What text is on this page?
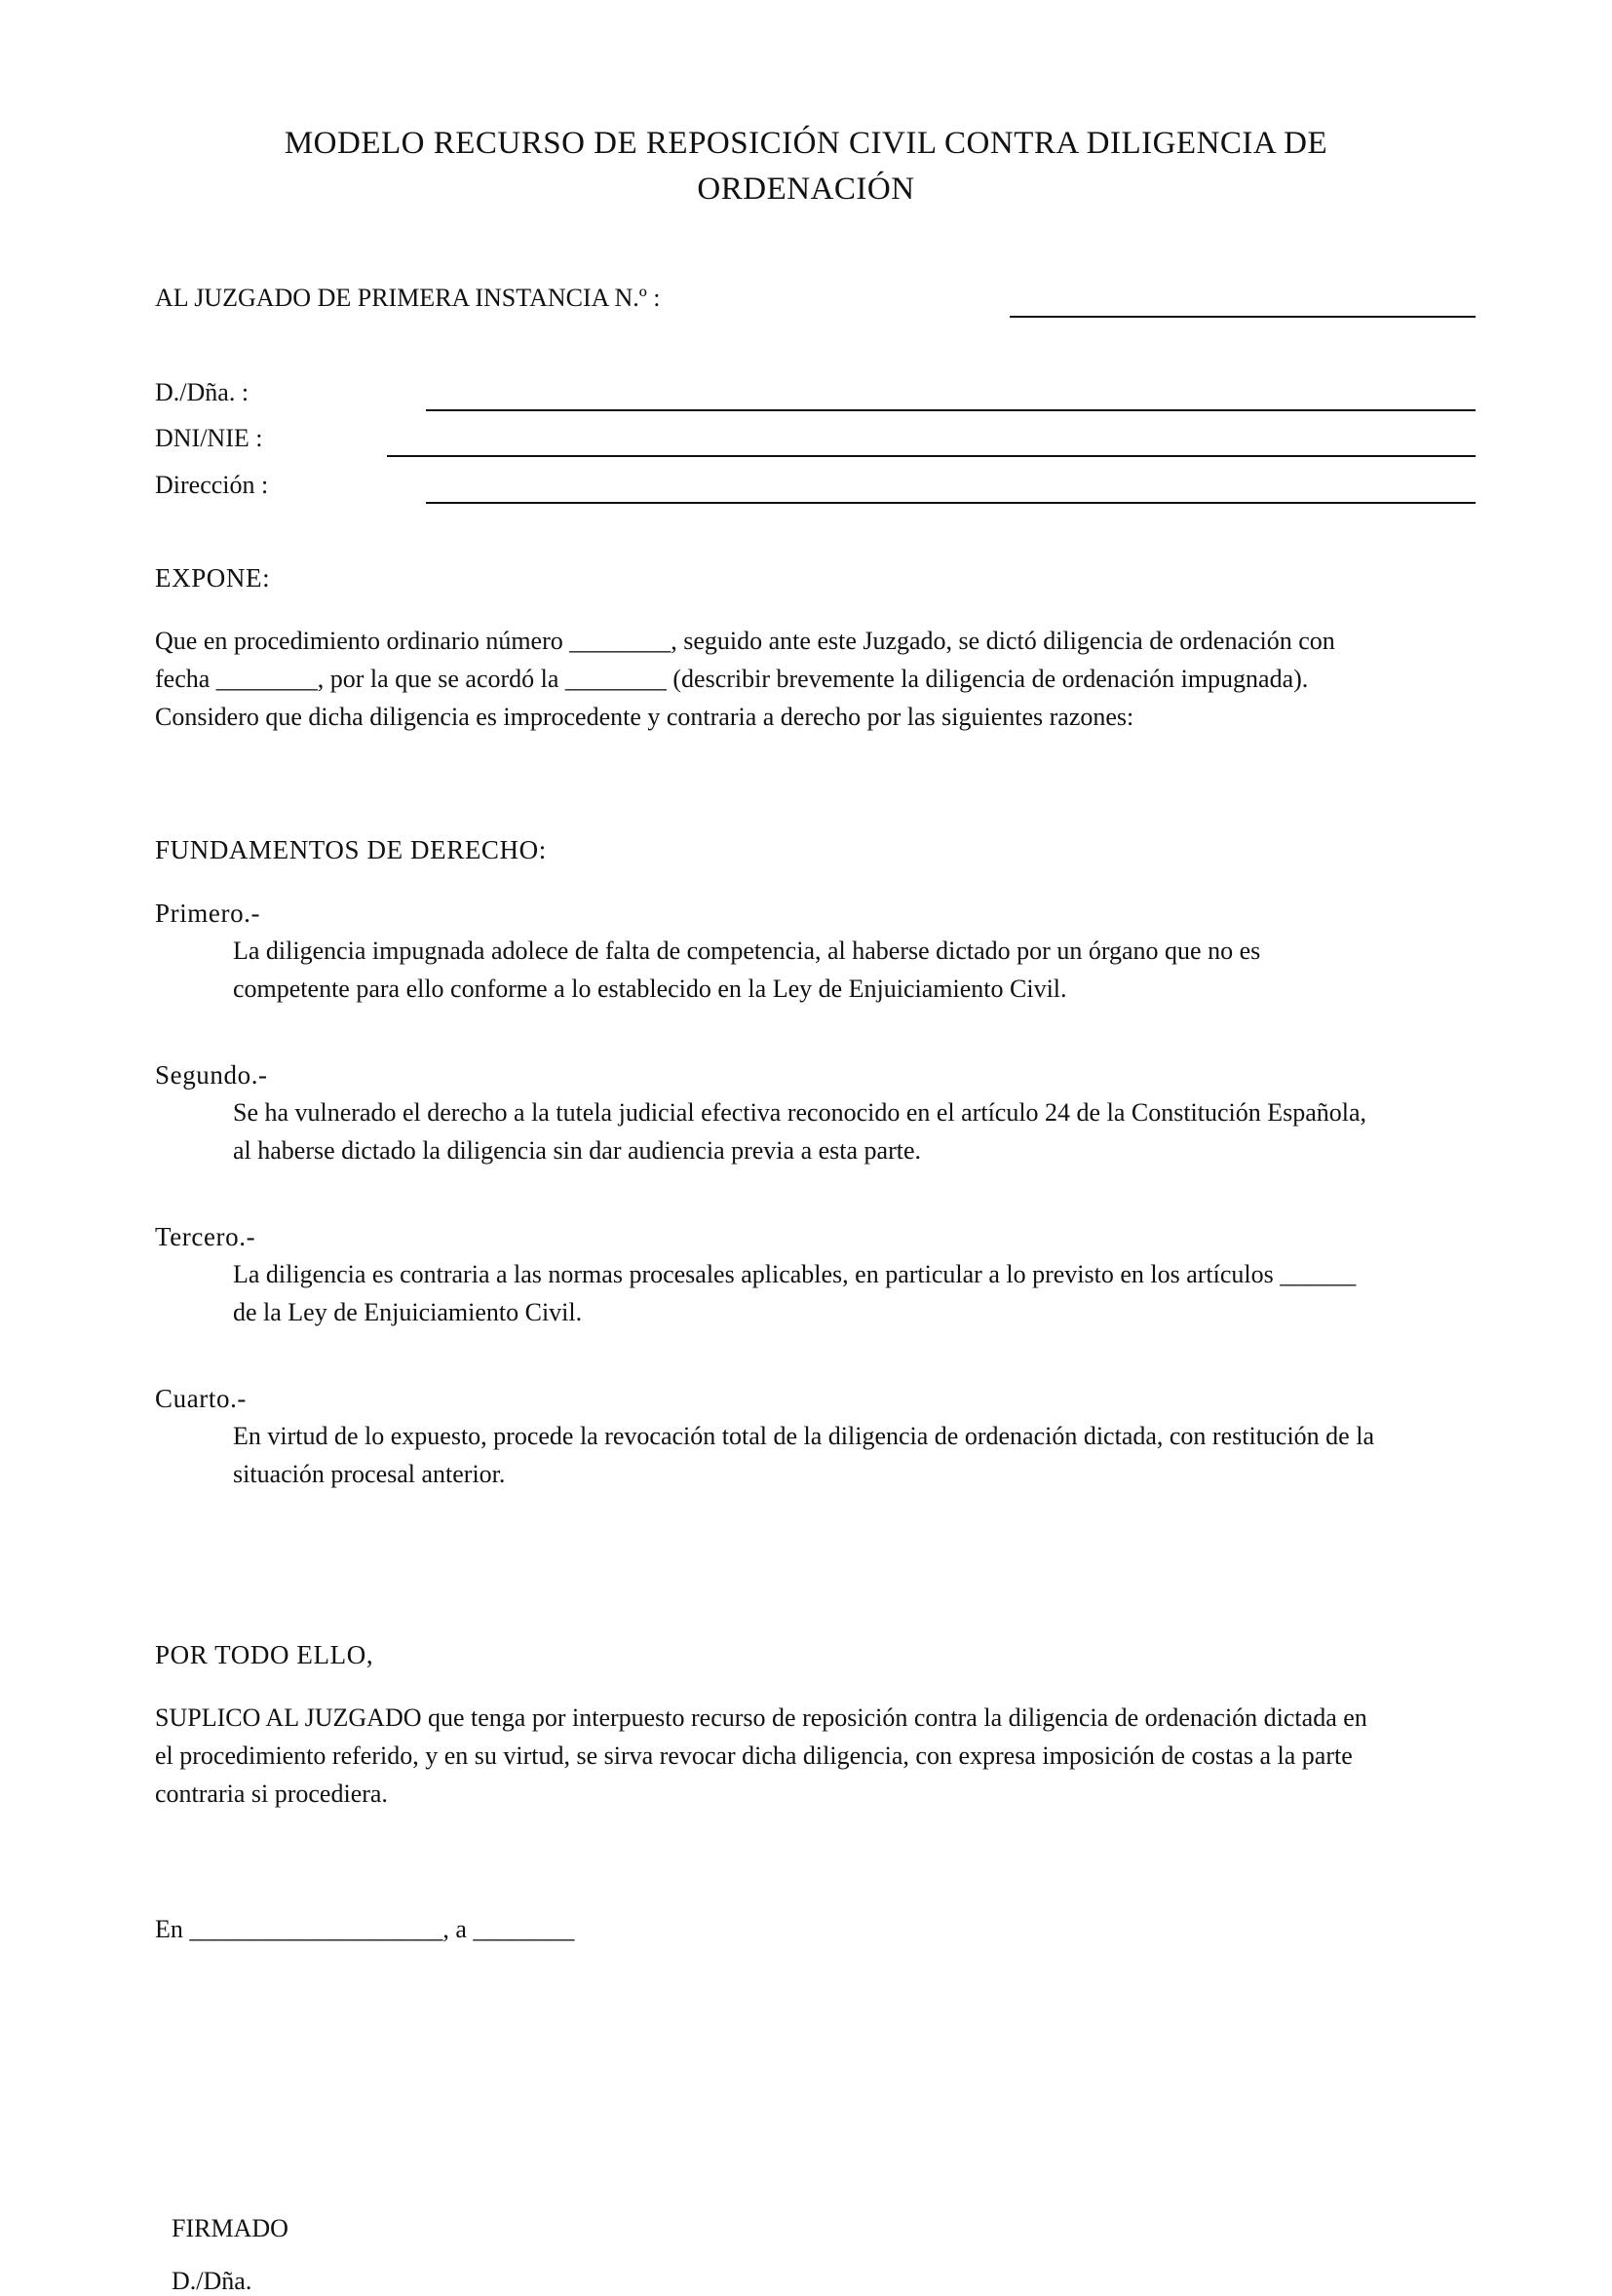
MODELO RECURSO DE REPOSICIÓN CIVIL CONTRA DILIGENCIA DE
ORDENACIÓN
AL JUZGADO DE PRIMERA INSTANCIA N.º :
D./Dña. :
DNI/NIE :
Dirección :
EXPONE:
Que en procedimiento ordinario número ________, seguido ante este Juzgado, se dictó diligencia de ordenación con
fecha ________, por la que se acordó la ________ (describir brevemente la diligencia de ordenación impugnada).
Considero que dicha diligencia es improcedente y contraria a derecho por las siguientes razones:
FUNDAMENTOS DE DERECHO:
Primero.-
La diligencia impugnada adolece de falta de competencia, al haberse dictado por un órgano que no es
competente para ello conforme a lo establecido en la Ley de Enjuiciamiento Civil.
Segundo.-
Se ha vulnerado el derecho a la tutela judicial efectiva reconocido en el artículo 24 de la Constitución Española,
al haberse dictado la diligencia sin dar audiencia previa a esta parte.
Tercero.-
La diligencia es contraria a las normas procesales aplicables, en particular a lo previsto en los artículos ______
de la Ley de Enjuiciamiento Civil.
Cuarto.-
En virtud de lo expuesto, procede la revocación total de la diligencia de ordenación dictada, con restitución de la
situación procesal anterior.
POR TODO ELLO,
SUPLICO AL JUZGADO que tenga por interpuesto recurso de reposición contra la diligencia de ordenación dictada en
el procedimiento referido, y en su virtud, se sirva revocar dicha diligencia, con expresa imposición de costas a la parte
contraria si procediera.
En ____________________, a ________
FIRMADO
D./Dña.
